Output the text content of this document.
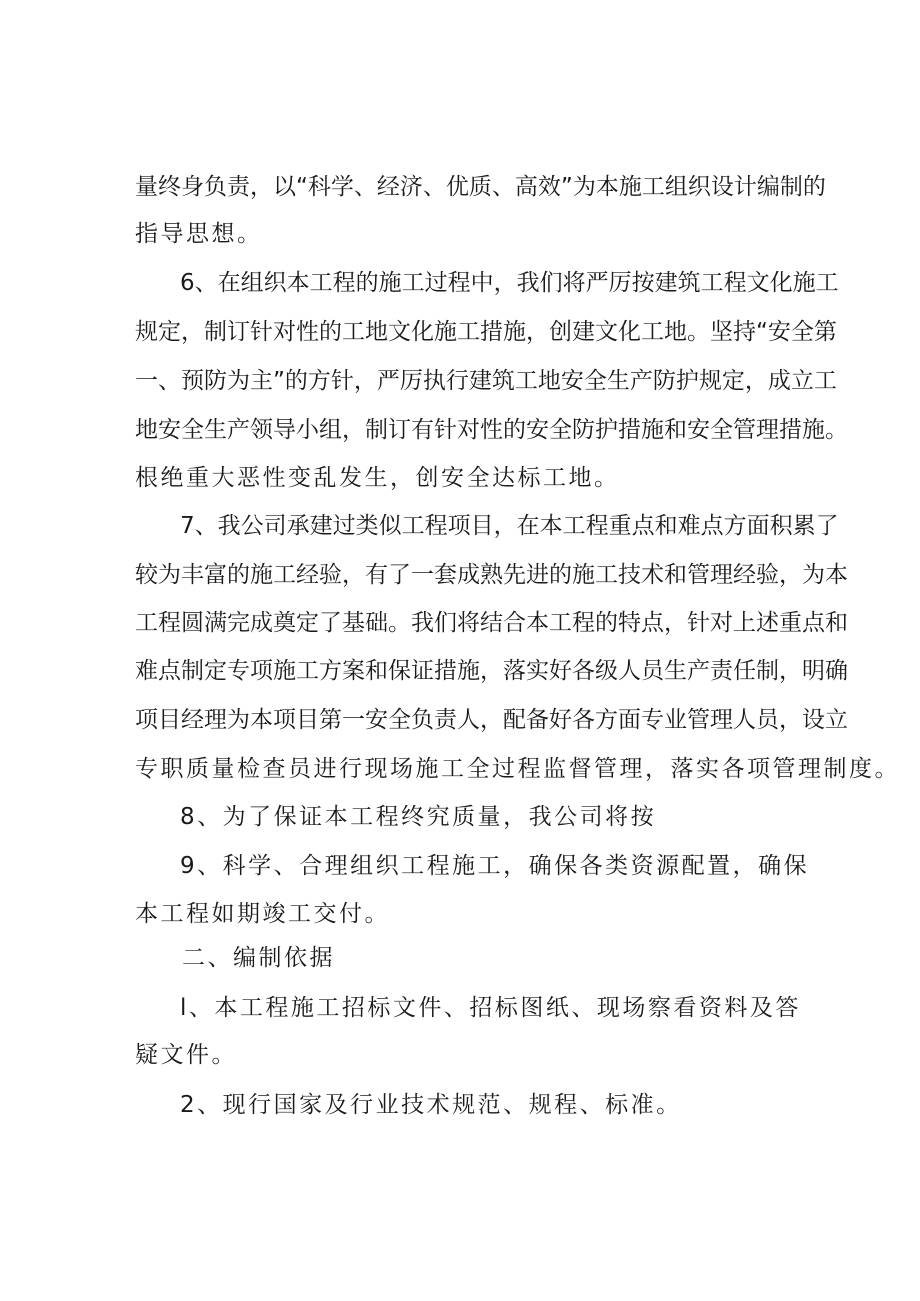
量终身负责，以“科学、经济、优质、高效”为本施工组织设计编制的
指导思想。
6、在组织本工程的施工过程中，我们将严厉按建筑工程文化施工
规定，制订针对性的工地文化施工措施，创建文化工地。坚持“安全第
一、预防为主”的方针，严厉执行建筑工地安全生产防护规定，成立工
地安全生产领导小组，制订有针对性的安全防护措施和安全管理措施。
根绝重大恶性变乱发生，创安全达标工地。
7、我公司承建过类似工程项目，在本工程重点和难点方面积累了
较为丰富的施工经验，有了一套成熟先进的施工技术和管理经验，为本
工程圆满完成奠定了基础。我们将结合本工程的特点，针对上述重点和
难点制定专项施工方案和保证措施，落实好各级人员生产责任制，明确
项目经理为本项目第一安全负责人，配备好各方面专业管理人员，设立
专职质量检查员进行现场施工全过程监督管理，落实各项管理制度。
8、为了保证本工程终究质量，我公司将按
9、科学、合理组织工程施工，确保各类资源配置，确保
本工程如期竣工交付。
二、编制依据
l、本工程施工招标文件、招标图纸、现场察看资料及答
疑文件。
2、现行国家及行业技术规范、规程、标准。
